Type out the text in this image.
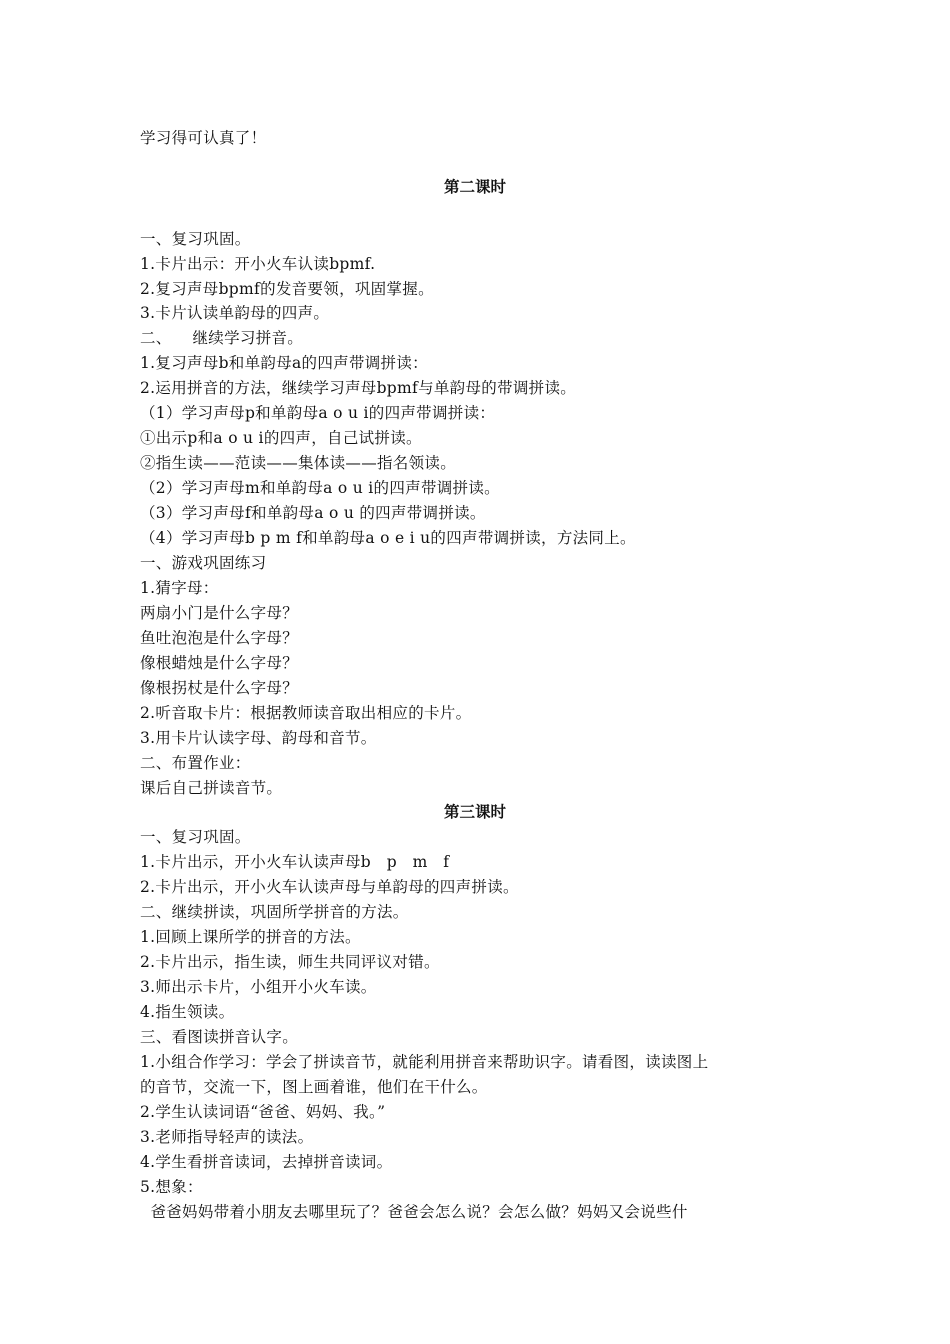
学习得可认真了！
第二课时
一、复习巩固。
1.卡片出示：开小火车认读bpmf.
2.复习声母bpmf的发音要领，巩固掌握。
3.卡片认读单韵母的四声。
二、    继续学习拼音。
1.复习声母b和单韵母a的四声带调拼读：
2.运用拼音的方法，继续学习声母bpmf与单韵母的带调拼读。
（1）学习声母p和单韵母a o u i的四声带调拼读：
①出示p和a o u i的四声，自己试拼读。
②指生读——范读——集体读——指名领读。
（2）学习声母m和单韵母a o u i的四声带调拼读。
（3）学习声母f和单韵母a o u 的四声带调拼读。
（4）学习声母b p m f和单韵母a o e i u的四声带调拼读，方法同上。
一、游戏巩固练习
1.猜字母：
两扇小门是什么字母？
鱼吐泡泡是什么字母？
像根蜡烛是什么字母？
像根拐杖是什么字母？
2.听音取卡片：根据教师读音取出相应的卡片。
3.用卡片认读字母、韵母和音节。
二、布置作业：
课后自己拼读音节。
第三课时
一、复习巩固。
1.卡片出示，开小火车认读声母b   p   m   f
2.卡片出示，开小火车认读声母与单韵母的四声拼读。
二、继续拼读，巩固所学拼音的方法。
1.回顾上课所学的拼音的方法。
2.卡片出示，指生读，师生共同评议对错。
3.师出示卡片，小组开小火车读。
4.指生领读。
三、看图读拼音认字。
1.小组合作学习：学会了拼读音节，就能利用拼音来帮助识字。请看图，读读图上
的音节，交流一下，图上画着谁，他们在干什么。
2.学生认读词语“爸爸、妈妈、我。”
3.老师指导轻声的读法。
4.学生看拼音读词，去掉拼音读词。
5.想象：
爸爸妈妈带着小朋友去哪里玩了？爸爸会怎么说？会怎么做？妈妈又会说些什
